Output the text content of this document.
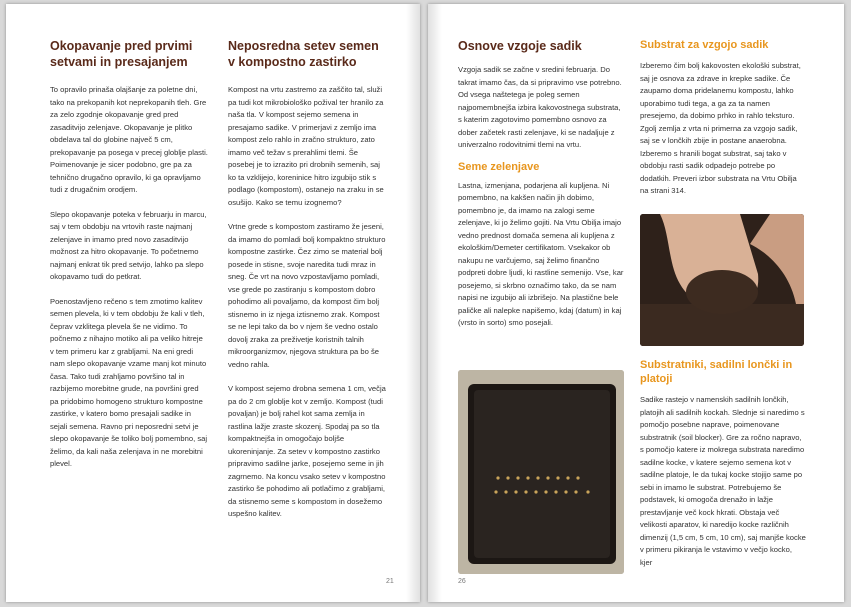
Okopavanje pred prvimi setvami in presajanjem

To opravilo prinaša olajšanje za poletne dni, tako na prekopanih kot neprekopanih tleh. Gre za zelo zgodnje okopavanje gred pred zasaditvijo zelenjave. Okopavanje je plitko obdelava tal do globine največ 5 cm, prekopavanje pa posega v precej globlje plasti. Poimenovanje je sicer podobno, gre pa za tehnično drugačno opravilo, ki ga opravljamo tudi z drugačnim orodjem.

Slepo okopavanje poteka v februarju in marcu, saj v tem obdobju na vrtovih raste najmanj zelenjave in imamo pred novo zasaditvijo možnost za hitro okopavanje. To početnemo najmanj enkrat tik pred setvijo, lahko pa slepo okopavamo tudi do petkrat.

Poenostavljeno rečeno s tem zmotimo kalitev semen plevela, ki v tem obdobju že kali v tleh, čeprav vzklitega plevela še ne vidimo. To počnemo z nihajno motiko ali pa veliko hitreje v tem primeru kar z grabljami. Na eni gredi nam slepo okopavanje vzame manj kot minuto časa. Tako tudi zrahljamo površino tal in razbijemo morebitne grude, na površini gred pa pridobimo homogeno strukturo kompostne zastirke, v katero bomo presajali sadike in sejali semena. Ravno pri neposredni setvi je slepo okopavanje še toliko bolj pomembno, saj želimo, da kali naša zelenjava in ne morebitni plevel.

Neposredna setev semen v kompostno zastirko

Kompost na vrtu zastremo za zaščito tal, služi pa tudi kot mikrobiološko požival ter hranilo za naša tla. V kompost sejemo semena in presajamo sadike. V primerjavi z zemljo ima kompost zelo rahlo in zračno strukturo, zato imamo več težav s prerahlimi tlemi. Še posebej je to izrazito pri drobnih semenih, saj ko ta vzklijejo, koreninice hitro izgubijo stik s podlago (kompostom), ostanejo na zraku in se osušijo. Kako se temu izognemo?

Vrtne grede s kompostom zastiramo že jeseni, da imamo do pomladi bolj kompaktno strukturo kompostne zastirke. Čez zimo se material bolj posede in stisne, svoje naredita tudi mraz in sneg. Če vrt na novo vzpostavljamo pomladi, vse grede po zastiranju s kompostom dobro pohodimo ali povaljamo, da kompost čim bolj stisnemo in iz njega iztisnemo zrak. Kompost se ne lepi tako da bo v njem še vedno ostalo dovolj zraka za preživetje koristnih talnih mikroorganizmov, njegova struktura pa bo še vedno rahla.

V kompost sejemo drobna semena 1 cm, večja pa do 2 cm globlje kot v zemljo. Kompost (tudi povaljan) je bolj rahel kot sama zemlja in rastlina lažje zraste skozenj. Spodaj pa so tla kompaktnejša in omogočajo boljše ukoreninjanje. Za setev v kompostno zastirko pripravimo sadilne jarke, posejemo seme in jih zagrnemo. Na koncu vsako setev v kompostno zastirko še pohodimo ali potlačimo z grabljami, da stisnemo seme s kompostom in dosežemo uspešno kalitev.

21
Osnove vzgoje sadik

Vzgoja sadik se začne v sredini februarja. Do takrat imamo čas, da si pripravimo vse potrebno. Od vsega naštetega je poleg semen najpomembnejša izbira kakovostnega substrata, s katerim zagotovimo pomembno osnovo za dober začetek rasti zelenjave, ki se nadaljuje z univerzalno rodovitnimi tlemi na vrtu.

Seme zelenjave

Lastna, izmenjana, podarjena ali kupljena. Ni pomembno, na kakšen način jih dobimo, pomembno je, da imamo na zalogi seme zelenjave, ki jo želimo gojiti. Na Vrtu Obilja imajo vedno prednost domača semena ali kupljena z ekološkim/Demeter certifikatom. Vsekakor ob nakupu ne varčujemo, saj želimo finančno podpreti dobre ljudi, ki rastline semenijo. Vse, kar posejemo, si skrbno označimo tako, da se nam napisi ne izgubijo ali izbrišejo. Na plastične bele paličke ali nalepke napišemo, kdaj (datum) in kaj (vrsto in sorto) smo posejali.

Substrat za vzgojo sadik

Izberemo čim bolj kakovosten ekološki substrat, saj je osnova za zdrave in krepke sadike. Če zaupamo doma pridelanemu kompostu, lahko uporabimo tudi tega, a ga za ta namen presejemo, da dobimo prhko in rahlo teksturo. Zgolj zemlja z vrta ni primerna za vzgojo sadik, saj se v lončkih zbije in postane anaerobna. Izberemo s hranili bogat substrat, saj tako v obdobju rasti sadik odpadejo potrebe po dodatkih. Preveri izbor substrata na Vrtu Obilja na strani 314.

Substratniki, sadilni lončki in platoji

Sadike rastejo v namenskih sadilnih lončkih, platojih ali sadilnih kockah. Slednje si naredimo s pomočjo posebne naprave, poimenovane substratnik (soil blocker). Gre za ročno napravo, s pomočjo katere iz mokrega substrata naredimo sadilne kocke, v katere sejemo semena kot v sadilne platoje, le da tukaj kocke stojijo same po sebi in imamo le substrat. Potrebujemo še podstavek, ki omogoča drenažo in lažje prestavljanje več kock hkrati. Obstaja več velikosti aparatov, ki naredijo kocke različnih dimenzij (1,5 cm, 5 cm, 10 cm), saj manjše kocke v primeru pikiranja le vstavimo v večjo kocko, kjer

26
